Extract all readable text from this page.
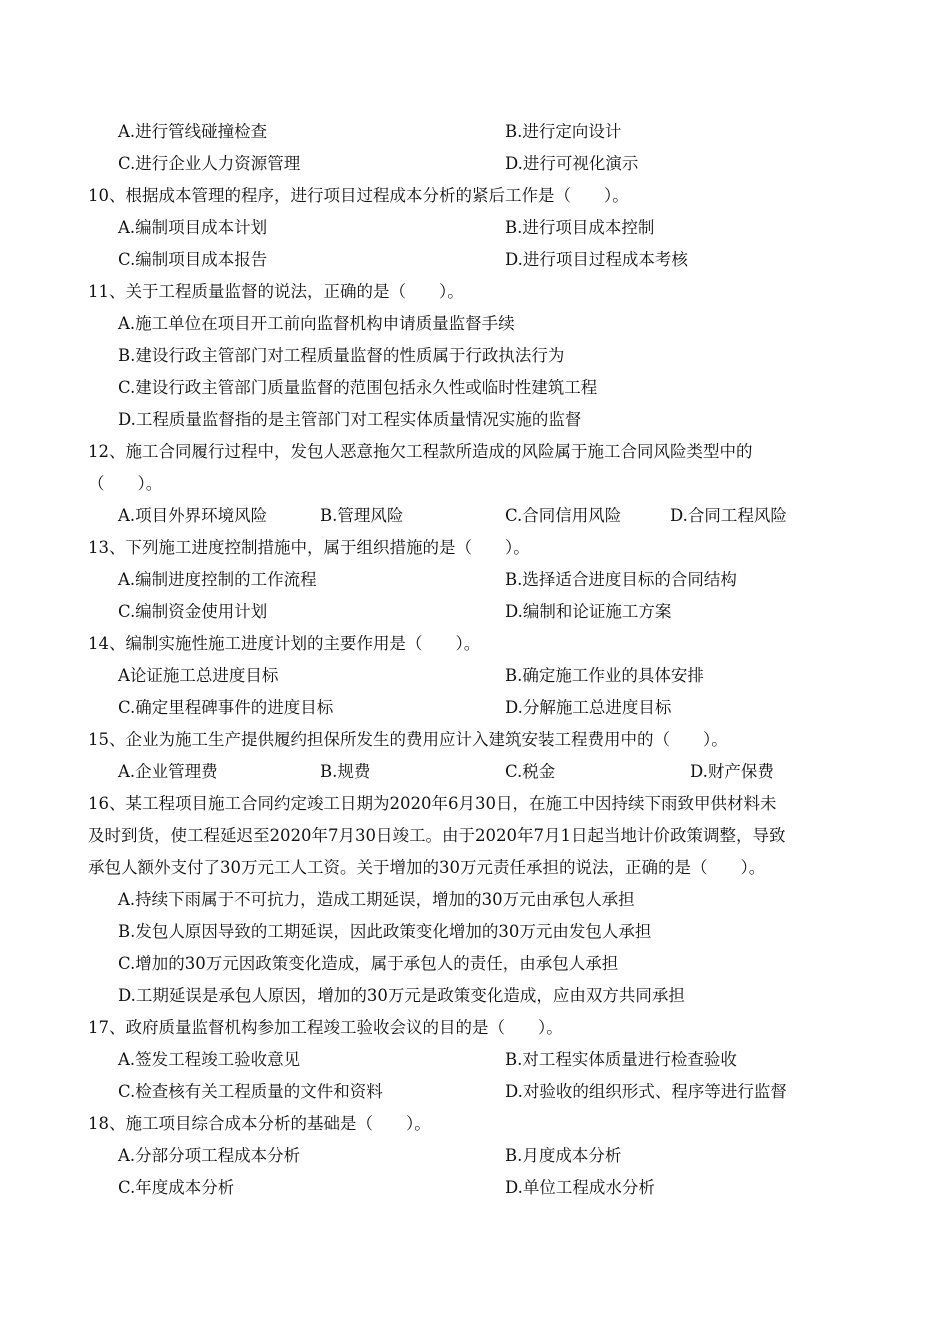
A.进行管线碰撞检查	B.进行定向设计
C.进行企业人力资源管理	D.进行可视化演示
10、根据成本管理的程序，进行项目过程成本分析的紧后工作是（　　）。
A.编制项目成本计划	B.进行项目成本控制
C.编制项目成本报告	D.进行项目过程成本考核
11、关于工程质量监督的说法，正确的是（　　）。
A.施工单位在项目开工前向监督机构申请质量监督手续
B.建设行政主管部门对工程质量监督的性质属于行政执法行为
C.建设行政主管部门质量监督的范围包括永久性或临时性建筑工程
D.工程质量监督指的是主管部门对工程实体质量情况实施的监督
12、施工合同履行过程中，发包人恶意拖欠工程款所造成的风险属于施工合同风险类型中的
（　　）。
A.项目外界环境风险	B.管理风险	C.合同信用风险	D.合同工程风险
13、下列施工进度控制措施中，属于组织措施的是（　　）。
A.编制进度控制的工作流程	B.选择适合进度目标的合同结构
C.编制资金使用计划	D.编制和论证施工方案
14、编制实施性施工进度计划的主要作用是（　　）。
A论证施工总进度目标	B.确定施工作业的具体安排
C.确定里程碑事件的进度目标	D.分解施工总进度目标
15、企业为施工生产提供履约担保所发生的费用应计入建筑安装工程费用中的（　　）。
A.企业管理费	B.规费	C.税金	D.财产保费
16、某工程项目施工合同约定竣工日期为2020年6月30日，在施工中因持续下雨致甲供材料未
及时到货，使工程延迟至2020年7月30日竣工。由于2020年7月1日起当地计价政策调整，导致
承包人额外支付了30万元工人工资。关于增加的30万元责任承担的说法，正确的是（　　）。
A.持续下雨属于不可抗力，造成工期延误，增加的30万元由承包人承担
B.发包人原因导致的工期延误，因此政策变化增加的30万元由发包人承担
C.增加的30万元因政策变化造成，属于承包人的责任，由承包人承担
D.工期延误是承包人原因，增加的30万元是政策变化造成，应由双方共同承担
17、政府质量监督机构参加工程竣工验收会议的目的是（　　）。
A.签发工程竣工验收意见	B.对工程实体质量进行检查验收
C.检查核有关工程质量的文件和资料	D.对验收的组织形式、程序等进行监督
18、施工项目综合成本分析的基础是（　　）。
A.分部分项工程成本分析	B.月度成本分析
C.年度成本分析	D.单位工程成水分析
